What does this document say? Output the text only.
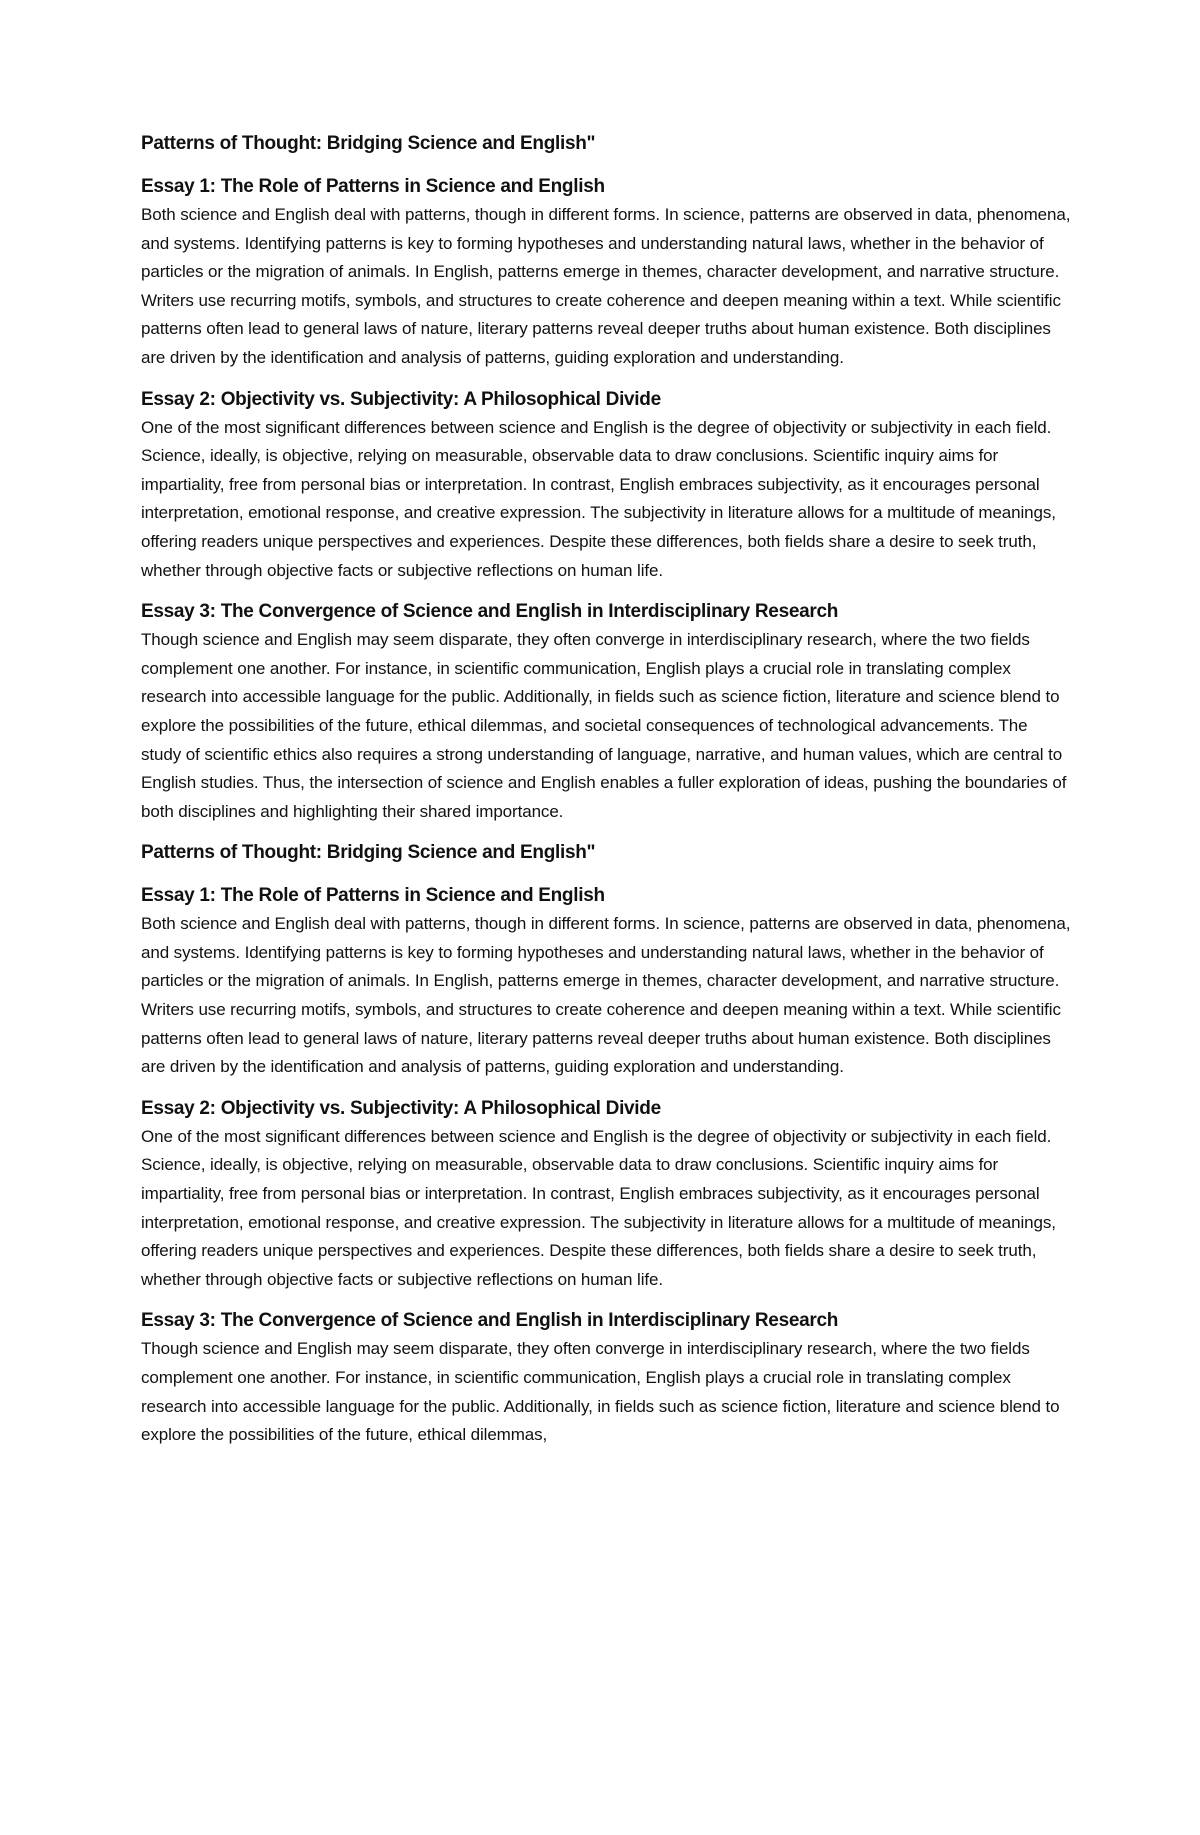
Patterns of Thought: Bridging Science and English"

Essay 1: The Role of Patterns in Science and English

Both science and English deal with patterns, though in different forms. In science, patterns are observed in data, phenomena, and systems. Identifying patterns is key to forming hypotheses and understanding natural laws, whether in the behavior of particles or the migration of animals. In English, patterns emerge in themes, character development, and narrative structure. Writers use recurring motifs, symbols, and structures to create coherence and deepen meaning within a text. While scientific patterns often lead to general laws of nature, literary patterns reveal deeper truths about human existence. Both disciplines are driven by the identification and analysis of patterns, guiding exploration and understanding.

Essay 2: Objectivity vs. Subjectivity: A Philosophical Divide

One of the most significant differences between science and English is the degree of objectivity or subjectivity in each field. Science, ideally, is objective, relying on measurable, observable data to draw conclusions. Scientific inquiry aims for impartiality, free from personal bias or interpretation. In contrast, English embraces subjectivity, as it encourages personal interpretation, emotional response, and creative expression. The subjectivity in literature allows for a multitude of meanings, offering readers unique perspectives and experiences. Despite these differences, both fields share a desire to seek truth, whether through objective facts or subjective reflections on human life.

Essay 3: The Convergence of Science and English in Interdisciplinary Research

Though science and English may seem disparate, they often converge in interdisciplinary research, where the two fields complement one another. For instance, in scientific communication, English plays a crucial role in translating complex research into accessible language for the public. Additionally, in fields such as science fiction, literature and science blend to explore the possibilities of the future, ethical dilemmas, and societal consequences of technological advancements. The study of scientific ethics also requires a strong understanding of language, narrative, and human values, which are central to English studies. Thus, the intersection of science and English enables a fuller exploration of ideas, pushing the boundaries of both disciplines and highlighting their shared importance.

Patterns of Thought: Bridging Science and English"

Essay 1: The Role of Patterns in Science and English

Both science and English deal with patterns, though in different forms. In science, patterns are observed in data, phenomena, and systems. Identifying patterns is key to forming hypotheses and understanding natural laws, whether in the behavior of particles or the migration of animals. In English, patterns emerge in themes, character development, and narrative structure. Writers use recurring motifs, symbols, and structures to create coherence and deepen meaning within a text. While scientific patterns often lead to general laws of nature, literary patterns reveal deeper truths about human existence. Both disciplines are driven by the identification and analysis of patterns, guiding exploration and understanding.

Essay 2: Objectivity vs. Subjectivity: A Philosophical Divide

One of the most significant differences between science and English is the degree of objectivity or subjectivity in each field. Science, ideally, is objective, relying on measurable, observable data to draw conclusions. Scientific inquiry aims for impartiality, free from personal bias or interpretation. In contrast, English embraces subjectivity, as it encourages personal interpretation, emotional response, and creative expression. The subjectivity in literature allows for a multitude of meanings, offering readers unique perspectives and experiences. Despite these differences, both fields share a desire to seek truth, whether through objective facts or subjective reflections on human life.

Essay 3: The Convergence of Science and English in Interdisciplinary Research

Though science and English may seem disparate, they often converge in interdisciplinary research, where the two fields complement one another. For instance, in scientific communication, English plays a crucial role in translating complex research into accessible language for the public. Additionally, in fields such as science fiction, literature and science blend to explore the possibilities of the future, ethical dilemmas,
